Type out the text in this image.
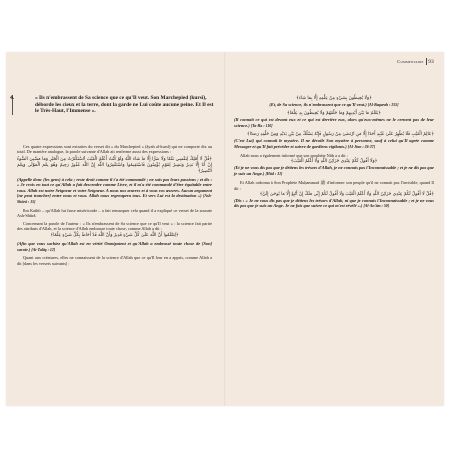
4.	« Ils n'embrassent de Sa science que ce qu'Il veut. Son Marchepied (kursî), déborde les cieux et la terre, dont la garde ne Lui coûte aucune peine. Et Il est le Très-Haut, l'Immense ».

Ces quatre expressions sont extraites du verset dit « du Marchepied » (âyah al-kursî) qui ne comporte dix au total. De manière analogue, la parole suivante d'Allah ait renferme aussi des expressions :

﴿قُلْ لَا أَمْلِكُ لِنَفْسِي نَفْعًا وَلَا ضَرًّا إِلَّا مَا شَاءَ اللَّهُ وَلَوْ كُنْتُ أَعْلَمُ الْغَيْبَ لَاسْتَكْثَرْتُ مِنَ الْخَيْرِ وَمَا مَسَّنِيَ السُّوءُ إِنْ أَنَا إِلَّا نَذِيرٌ وَبَشِيرٌ لِقَوْمٍ يُؤْمِنُونَ فَاسْتَقِيمُوا وَاسْتَغْفِرُوا اللَّهَ إِنَّ اللَّهَ غَفُورٌ رَحِيمٌ وَهُوَ نِعْمَ الْمَوْلَى وَنِعْمَ النَّصِيرُ﴾

(Appelle donc (les gens) à cela ; reste droit comme il t'a été commandé ; ne suis pas leurs passions ; et dis : « Je crois en tout ce qu'Allah a fait descendre comme Livre, et il m'a été commandé d'être équitable entre vous. Allah est notre Seigneur et votre Seigneur. A nous nos œuvres et à vous vos œuvres. Aucun argument [ne peut trancher] entre nous et vous. Allah nous regroupera tous. Et vers Lui est la destination ») [Ash-Shûrâ : 15]

Ibn Kathîr – qu'Allah lui fasse miséricorde – a fait remarquer cela quand il a expliqué ce verset de la sourate Ash-Shûrâ.

Concernant la parole de l'auteur : « Ils n'embrassent de Sa science que ce qu'Il veut » : la science fait partie des attributs d'Allah, et la science d'Allah embrasse toute chose, comme Allah a dit :

﴿لِتَعْلَمُوا أَنَّ اللَّهَ عَلَىٰ كُلِّ شَيْءٍ قَدِيرٌ وَأَنَّ اللَّهَ قَدْ أَحَاطَ بِكُلِّ شَيْءٍ عِلْمًا﴾

(Afin que vous sachiez qu'Allah est en vérité Omnipotent et qu'Allah a embrassé toute chose de [Son] savoir.) [At-Talâq : 12]

Quant aux créatures, elles ne connaissent de la science d'Allah que ce qu'Il leur en a appris, comme Allah a dit [dans les versets suivants] :

Commentaire 93

﴿وَلَا يُحِيطُونَ بِشَيْءٍ مِنْ عِلْمِهِ إِلَّا بِمَا شَاءَ﴾

(Et, de Sa science, ils n'embrassent que ce qu'Il veut.) [Al-Baqarah : 255]

﴿يَعْلَمُ مَا بَيْنَ أَيْدِيهِمْ وَمَا خَلْفَهُمْ وَلَا يُحِيطُونَ بِهِ عِلْمًا﴾

(Il connaît ce qui est devant eux et ce qui est derrière eux, alors qu'eux-mêmes ne le cernent pas de leur science.) [Ta-Ha : 110]

﴿عَالِمُ الْغَيْبِ فَلَا يُظْهِرُ عَلَىٰ غَيْبِهِ أَحَدًا إِلَّا مَنِ ارْتَضَىٰ مِنْ رَسُولٍ فَإِنَّهُ يَسْلُكُ مِنْ بَيْنِ يَدَيْهِ وَمِنْ خَلْفِهِ رَصَدًا﴾

(C'est Lui) qui connaît le mystère. Il ne dévoile Son mystère à personne, sauf à celui qu'Il agrée comme Messager et qu'Il fait précéder et suivre de gardiens vigilants.) [Al-Jinn : 26-27]

Allah nous a également informé que son prophète Nûḥ a a dit :

﴿وَلَا أَقُولُ لَكُمْ عِنْدِي خَزَائِنُ اللَّهِ وَلَا أَعْلَمُ الْغَيْبَ﴾

(Et je ne vous dis pas que je détiens les trésors d'Allah, je ne connais pas l'Inconnaissable ; et je ne dis pas que je suis un Ange.) [Hûd : 31]

Et Allah ordonna à Son Prophète Muḥammad ﷺ d'informer son peuple qu'il ne connait pas l'invisible, quand Il dit :

﴿قُلْ لَا أَقُولُ لَكُمْ عِنْدِي خَزَائِنُ اللَّهِ وَلَا أَعْلَمُ الْغَيْبَ وَلَا أَقُولُ لَكُمْ إِنِّي مَلَكٌ إِنْ أَتَّبِعُ إِلَّا مَا يُوحَىٰ إِلَيَّ﴾

(Dis : « Je ne vous dis pas que je détiens les trésors d'Allah, ni que je connais l'Inconnaissable ; et je ne vous dis pas que je suis un Ange. Je ne fais que suivre ce qui m'est révélé ».) [Al-An'âm : 50]
